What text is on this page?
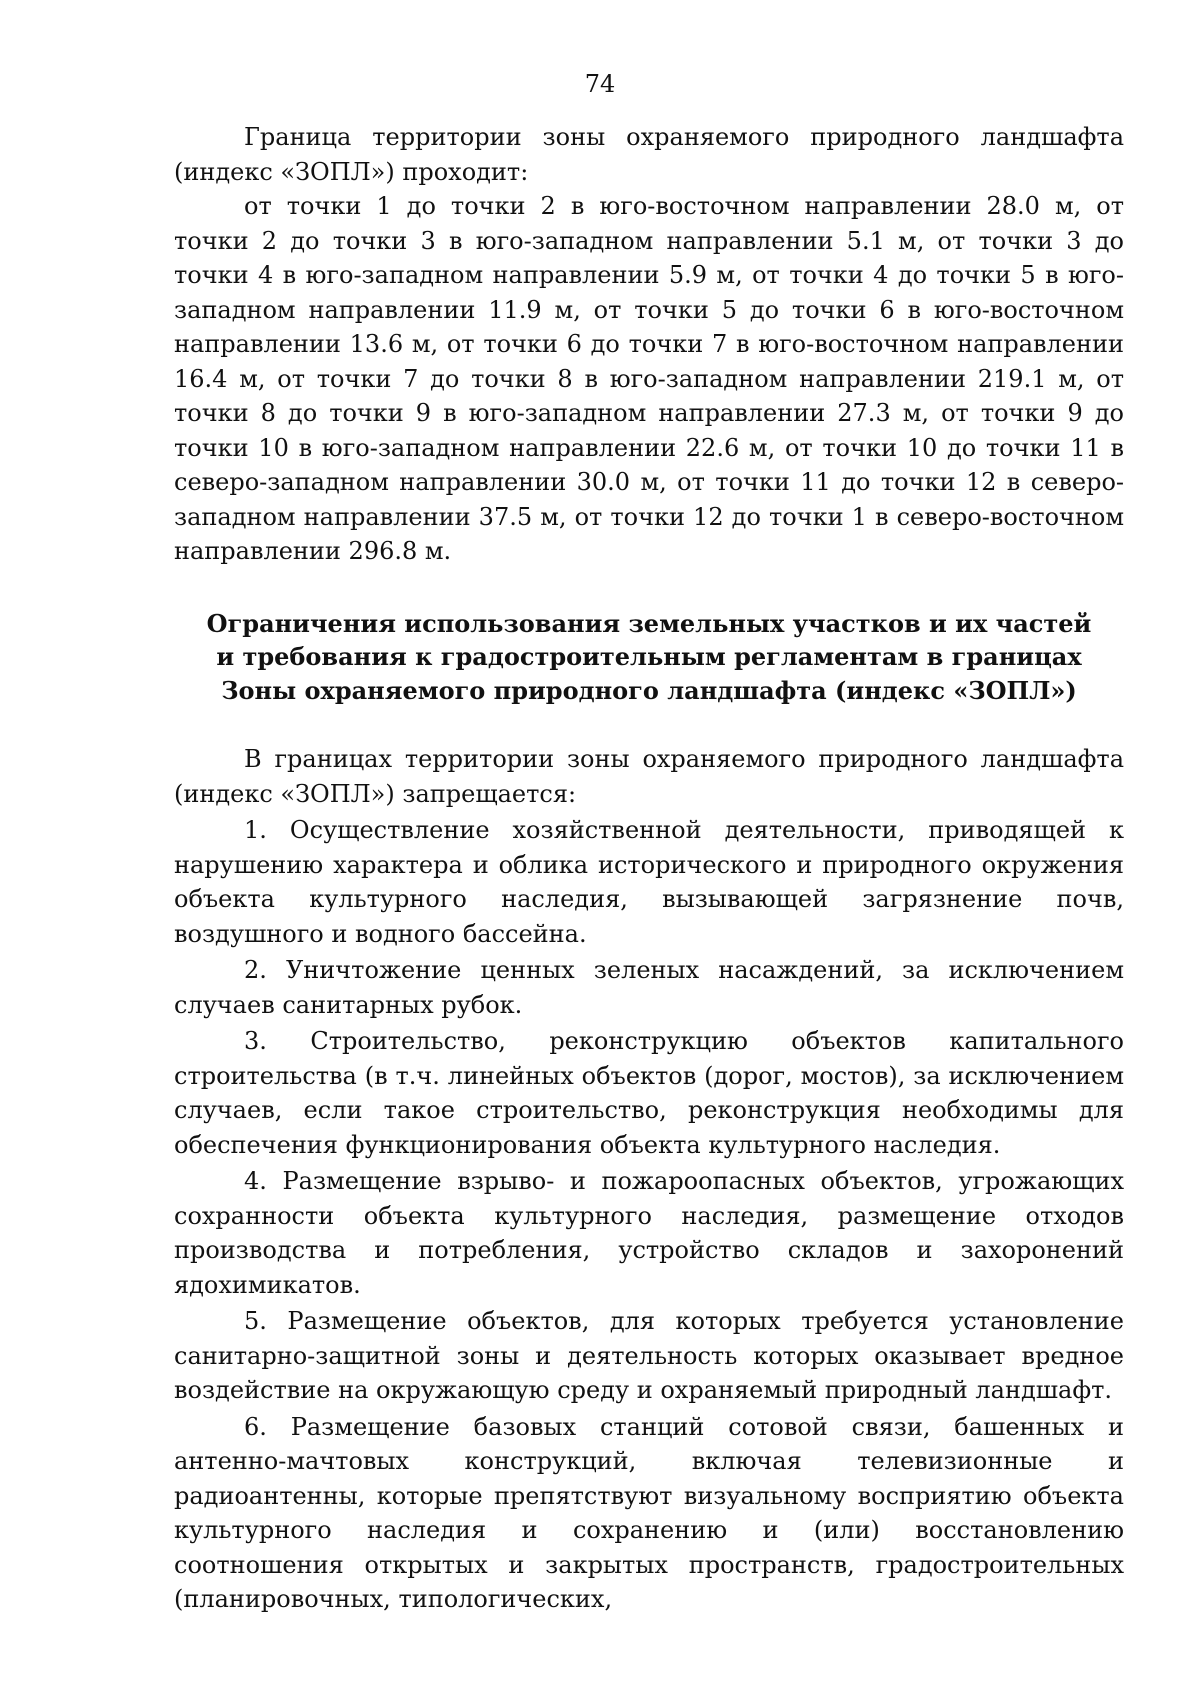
74

Граница территории зоны охраняемого природного ландшафта (индекс «ЗОПЛ») проходит:

от точки 1 до точки 2 в юго-восточном направлении 28.0 м, от точки 2 до точки 3 в юго-западном направлении 5.1 м, от точки 3 до точки 4 в юго-западном направлении 5.9 м, от точки 4 до точки 5 в юго-западном направлении 11.9 м, от точки 5 до точки 6 в юго-восточном направлении 13.6 м, от точки 6 до точки 7 в юго-восточном направлении 16.4 м, от точки 7 до точки 8 в юго-западном направлении 219.1 м, от точки 8 до точки 9 в юго-западном направлении 27.3 м, от точки 9 до точки 10 в юго-западном направлении 22.6 м, от точки 10 до точки 11 в северо-западном направлении 30.0 м, от точки 11 до точки 12 в северо-западном направлении 37.5 м, от точки 12 до точки 1 в северо-восточном направлении 296.8 м.

Ограничения использования земельных участков и их частей
и требования к градостроительным регламентам в границах
Зоны охраняемого природного ландшафта (индекс «ЗОПЛ»)

В границах территории зоны охраняемого природного ландшафта (индекс «ЗОПЛ») запрещается:

1. Осуществление хозяйственной деятельности, приводящей к нарушению характера и облика исторического и природного окружения объекта культурного наследия, вызывающей загрязнение почв, воздушного и водного бассейна.

2. Уничтожение ценных зеленых насаждений, за исключением случаев санитарных рубок.

3. Строительство, реконструкцию объектов капитального строительства (в т.ч. линейных объектов (дорог, мостов), за исключением случаев, если такое строительство, реконструкция необходимы для обеспечения функционирования объекта культурного наследия.

4. Размещение взрыво- и пожароопасных объектов, угрожающих сохранности объекта культурного наследия, размещение отходов производства и потребления, устройство складов и захоронений ядохимикатов.

5. Размещение объектов, для которых требуется установление санитарно-защитной зоны и деятельность которых оказывает вредное воздействие на окружающую среду и охраняемый природный ландшафт.

6. Размещение базовых станций сотовой связи, башенных и антенно-мачтовых конструкций, включая телевизионные и радиоантенны, которые препятствуют визуальному восприятию объекта культурного наследия и сохранению и (или) восстановлению соотношения открытых и закрытых пространств, градостроительных (планировочных, типологических,
